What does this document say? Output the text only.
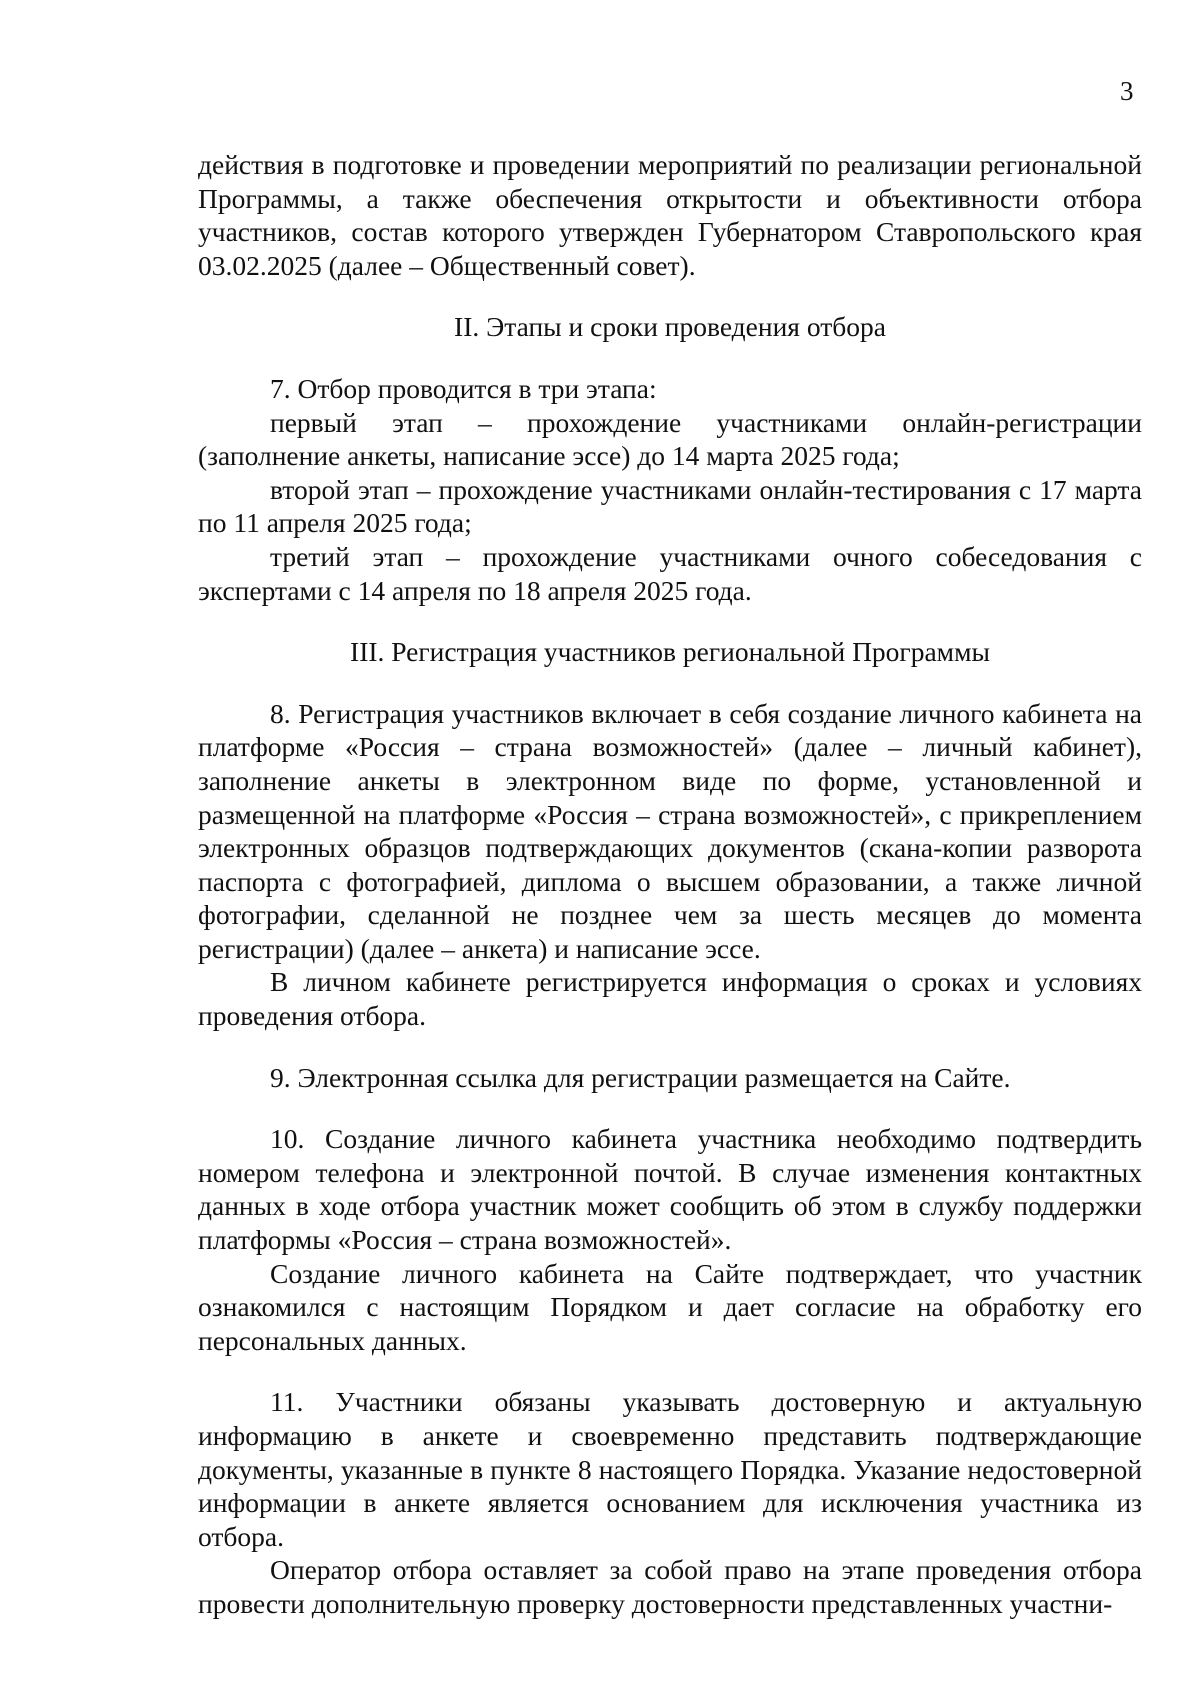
3

действия в подготовке и проведении мероприятий по реализации региональной Программы, а также обеспечения открытости и объективности отбора участников, состав которого утвержден Губернатором Ставропольского края 03.02.2025 (далее – Общественный совет).

II. Этапы и сроки проведения отбора

7. Отбор проводится в три этапа:

первый этап – прохождение участниками онлайн-регистрации (заполнение анкеты, написание эссе) до 14 марта 2025 года;

второй этап – прохождение участниками онлайн-тестирования с 17 марта по 11 апреля 2025 года;

третий этап – прохождение участниками очного собеседования с экспертами с 14 апреля по 18 апреля 2025 года.

III. Регистрация участников региональной Программы

8. Регистрация участников включает в себя создание личного кабинета на платформе «Россия – страна возможностей» (далее – личный кабинет), заполнение анкеты в электронном виде по форме, установленной и размещенной на платформе «Россия – страна возможностей», с прикреплением электронных образцов подтверждающих документов (скана-копии разворота паспорта с фотографией, диплома о высшем образовании, а также личной фотографии, сделанной не позднее чем за шесть месяцев до момента регистрации) (далее – анкета) и написание эссе.

В личном кабинете регистрируется информация о сроках и условиях проведения отбора.

9. Электронная ссылка для регистрации размещается на Сайте.

10. Создание личного кабинета участника необходимо подтвердить номером телефона и электронной почтой. В случае изменения контактных данных в ходе отбора участник может сообщить об этом в службу поддержки платформы «Россия – страна возможностей».

Создание личного кабинета на Сайте подтверждает, что участник ознакомился с настоящим Порядком и дает согласие на обработку его персональных данных.

11. Участники обязаны указывать достоверную и актуальную информацию в анкете и своевременно представить подтверждающие документы, указанные в пункте 8 настоящего Порядка. Указание недостоверной информации в анкете является основанием для исключения участника из отбора.

Оператор отбора оставляет за собой право на этапе проведения отбора провести дополнительную проверку достоверности представленных участни-
